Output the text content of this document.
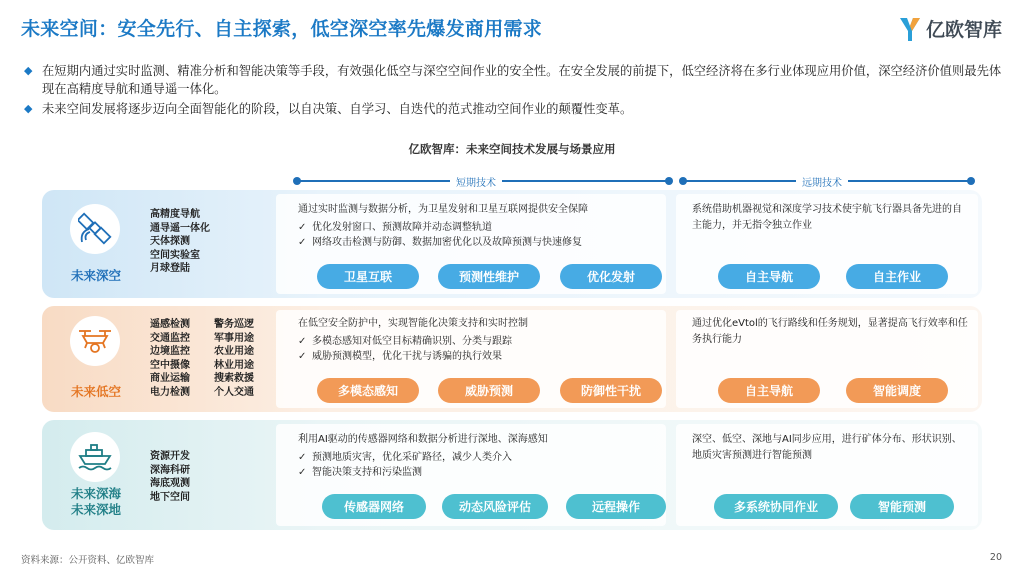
未来空间：安全先行、自主探索，低空深空率先爆发商用需求	亿欧智库
◆ 在短期内通过实时监测、精准分析和智能决策等手段，有效强化低空与深空空间作业的安全性。在安全发展的前提下，低空经济将在多行业体现应用价值，深空经济价值则最先体现在高精度导航和通导遥一体化。
◆ 未来空间发展将逐步迈向全面智能化的阶段，以自决策、自学习、自迭代的范式推动空间作业的颠覆性变革。
亿欧智库：未来空间技术发展与场景应用
短期技术	远期技术
未来深空
高精度导航
通导遥一体化
天体探测
空间实验室
月球登陆
通过实时监测与数据分析，为卫星发射和卫星互联网提供安全保障
✓ 优化发射窗口、预测故障并动态调整轨道
✓ 网络攻击检测与防御、数据加密优化以及故障预测与快速修复
系统借助机器视觉和深度学习技术使宇航飞行器具备先进的自主能力，并无指令独立作业
卫星互联	预测性维护	优化发射	自主导航	自主作业
未来低空
遥感检测	警务巡逻
交通监控	军事用途
边境监控	农业用途
空中摄像	林业用途
商业运输	搜索救援
电力检测	个人交通
在低空安全防护中，实现智能化决策支持和实时控制
✓ 多模态感知对低空目标精确识别、分类与跟踪
✓ 威胁预测模型，优化干扰与诱骗的执行效果
通过优化eVtol的飞行路线和任务规划，显著提高飞行效率和任务执行能力
多模态感知	威胁预测	防御性干扰	自主导航	智能调度
未来深海
未来深地
资源开发
深海科研
海底观测
地下空间
利用AI驱动的传感器网络和数据分析进行深地、深海感知
✓ 预测地质灾害，优化采矿路径，减少人类介入
✓ 智能决策支持和污染监测
深空、低空、深地与AI同步应用，进行矿体分布、形状识别、地质灾害预测进行智能预测
传感器网络	动态风险评估	远程操作	多系统协同作业	智能预测
资料来源：公开资料、亿欧智库	20
